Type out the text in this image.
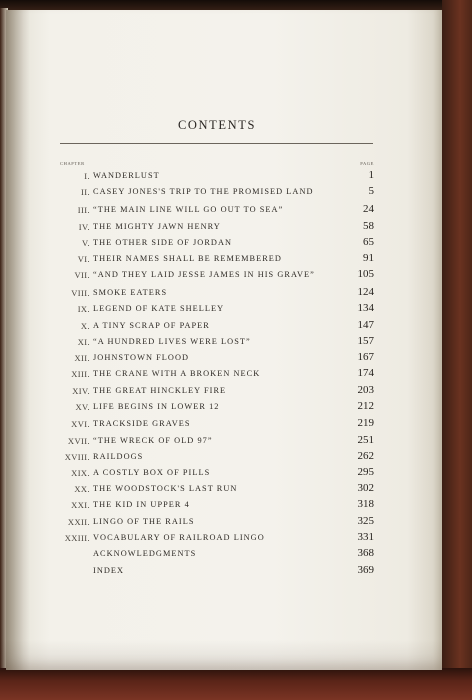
CONTENTS
CHAPTER	PAGE
I. WANDERLUST	1
II. CASEY JONES'S TRIP TO THE PROMISED LAND	5
III. “THE MAIN LINE WILL GO OUT TO SEA”	24
IV. THE MIGHTY JAWN HENRY	58
V. THE OTHER SIDE OF JORDAN	65
VI. THEIR NAMES SHALL BE REMEMBERED	91
VII. “AND THEY LAID JESSE JAMES IN HIS GRAVE”	105
VIII. SMOKE EATERS	124
IX. LEGEND OF KATE SHELLEY	134
X. A TINY SCRAP OF PAPER	147
XI. “A HUNDRED LIVES WERE LOST”	157
XII. JOHNSTOWN FLOOD	167
XIII. THE CRANE WITH A BROKEN NECK	174
XIV. THE GREAT HINCKLEY FIRE	203
XV. LIFE BEGINS IN LOWER 12	212
XVI. TRACKSIDE GRAVES	219
XVII. “THE WRECK OF OLD 97”	251
XVIII. RAILDOGS	262
XIX. A COSTLY BOX OF PILLS	295
XX. THE WOODSTOCK'S LAST RUN	302
XXI. THE KID IN UPPER 4	318
XXII. LINGO OF THE RAILS	325
XXIII. VOCABULARY OF RAILROAD LINGO	331
ACKNOWLEDGMENTS	368
INDEX	369
